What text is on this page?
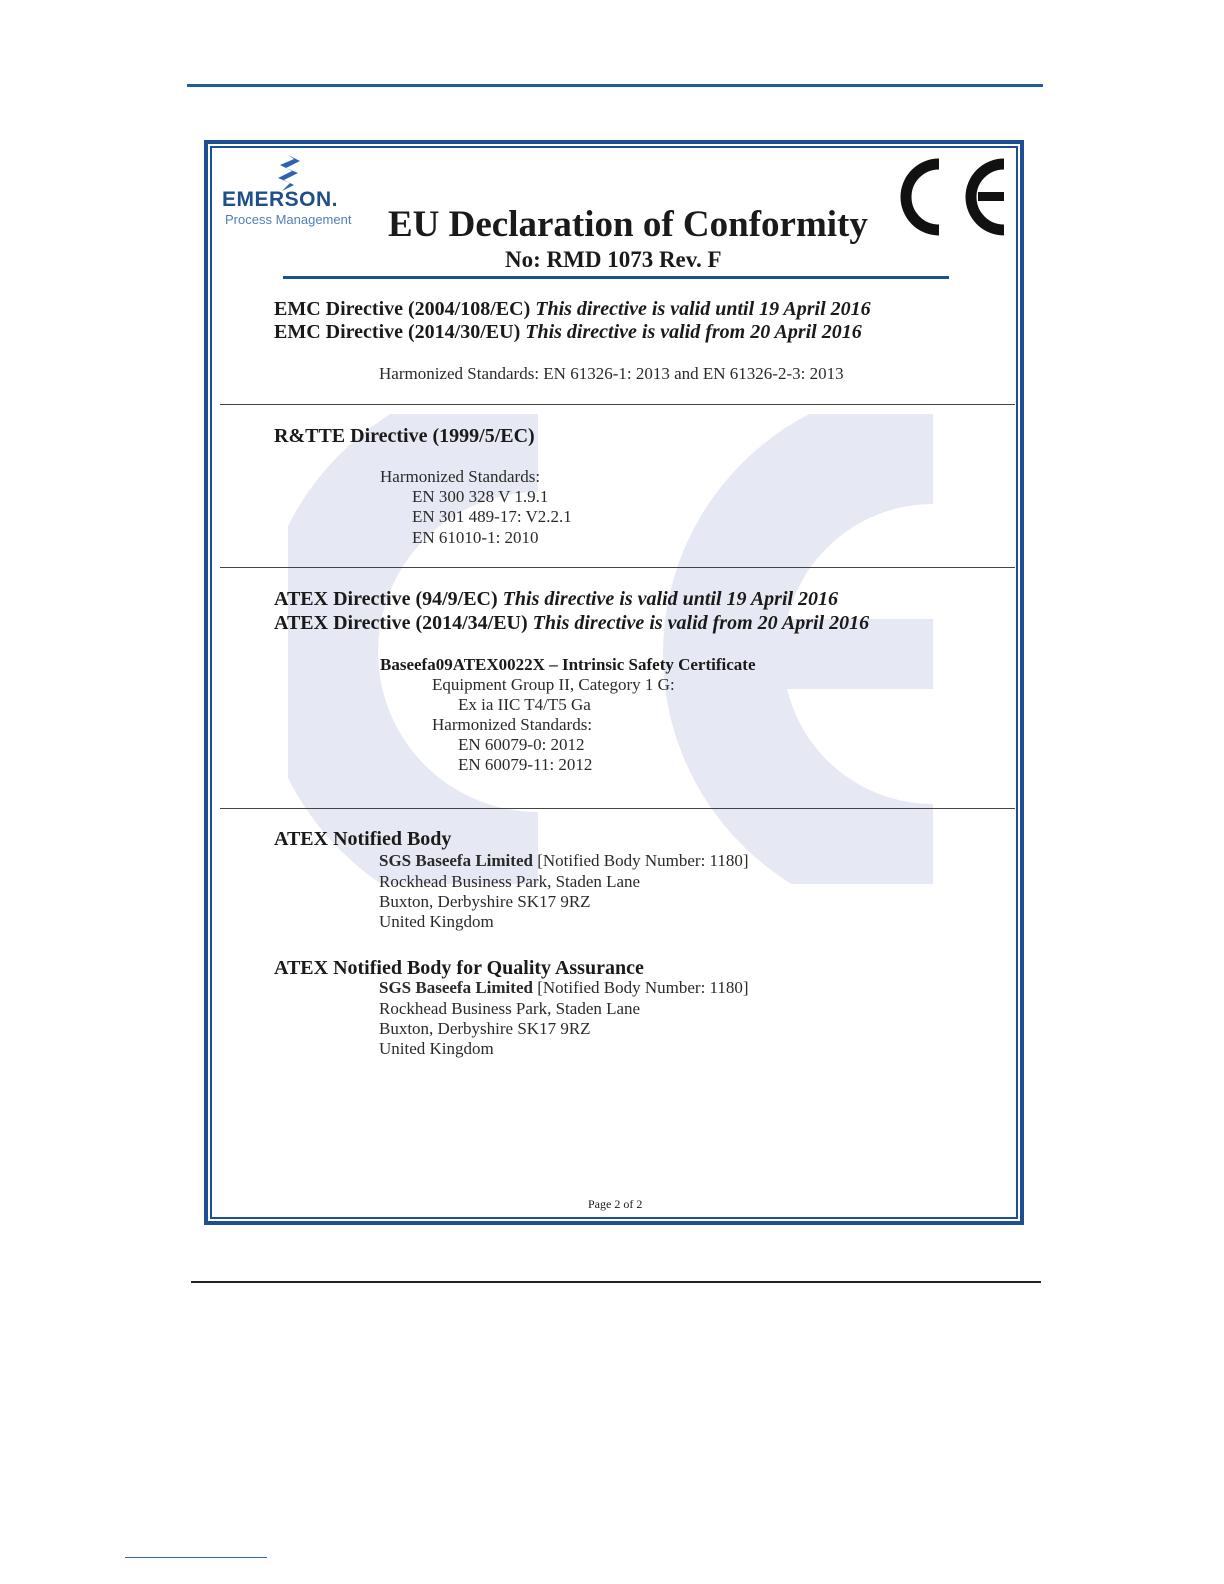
EMERSON.
Process Management EU Declaration of Conformity
No: RMD 1073 Rev. F
EMC Directive (2004/108/EC) This directive is valid until 19 April 2016
EMC Directive (2014/30/EU) This directive is valid from 20 April 2016
Harmonized Standards: EN 61326-1: 2013 and EN 61326-2-3: 2013
R&TTE Directive (1999/5/EC)
Harmonized Standards:
EN 300 328 V 1.9.1
EN 301 489-17: V2.2.1
EN 61010-1: 2010
ATEX Directive (94/9/EC) This directive is valid until 19 April 2016
ATEX Directive (2014/34/EU) This directive is valid from 20 April 2016
Baseefa09ATEX0022X – Intrinsic Safety Certificate
Equipment Group II, Category 1 G:
Ex ia IIC T4/T5 Ga
Harmonized Standards:
EN 60079-0: 2012
EN 60079-11: 2012
ATEX Notified Body
SGS Baseefa Limited [Notified Body Number: 1180]
Rockhead Business Park, Staden Lane
Buxton, Derbyshire SK17 9RZ
United Kingdom
ATEX Notified Body for Quality Assurance
SGS Baseefa Limited [Notified Body Number: 1180]
Rockhead Business Park, Staden Lane
Buxton, Derbyshire SK17 9RZ
United Kingdom
Page 2 of 2
